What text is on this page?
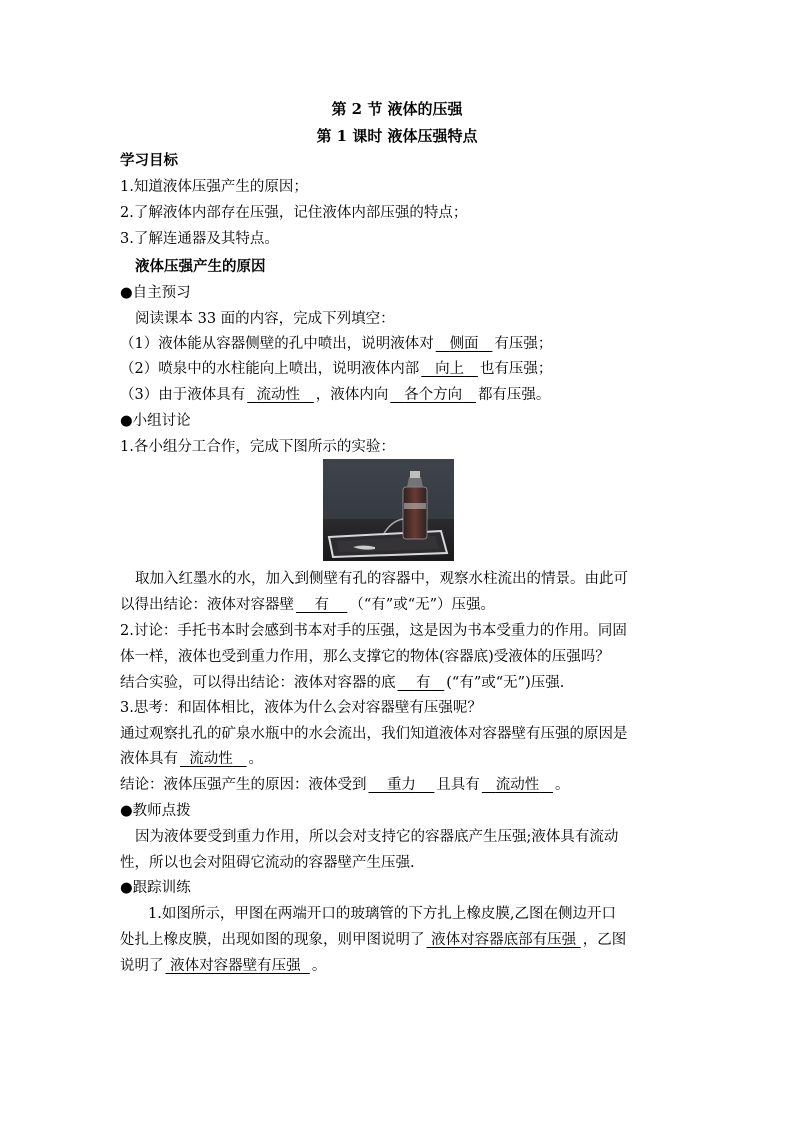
第 2 节 液体的压强
第 1 课时 液体压强特点
学习目标
1.知道液体压强产生的原因；
2.了解液体内部存在压强，记住液体内部压强的特点；
3.了解连通器及其特点。
液体压强产生的原因
●自主预习
阅读课本 33 面的内容，完成下列填空：
（1）液体能从容器侧壁的孔中喷出，说明液体对 侧面 有压强；
（2）喷泉中的水柱能向上喷出，说明液体内部 向上 也有压强；
（3）由于液体具有 流动性 ，液体内向 各个方向 都有压强。
●小组讨论
1.各小组分工合作，完成下图所示的实验：
取加入红墨水的水，加入到侧壁有孔的容器中，观察水柱流出的情景。由此可
以得出结论：液体对容器壁 有 （“有”或“无”）压强。
2.讨论：手托书本时会感到书本对手的压强，这是因为书本受重力的作用。同固
体一样，液体也受到重力作用，那么支撑它的物体(容器底)受液体的压强吗？
结合实验，可以得出结论：液体对容器的底 有 (“有”或“无”)压强.
3.思考：和固体相比，液体为什么会对容器壁有压强呢？
通过观察扎孔的矿泉水瓶中的水会流出，我们知道液体对容器壁有压强的原因是
液体具有 流动性 。
结论：液体压强产生的原因：液体受到 重力 且具有 流动性 。
●教师点拨
因为液体要受到重力作用，所以会对支持它的容器底产生压强;液体具有流动
性，所以也会对阻碍它流动的容器壁产生压强.
●跟踪训练
1.如图所示，甲图在两端开口的玻璃管的下方扎上橡皮膜,乙图在侧边开口
处扎上橡皮膜，出现如图的现象，则甲图说明了 液体对容器底部有压强 ，乙图
说明了 液体对容器壁有压强 。
